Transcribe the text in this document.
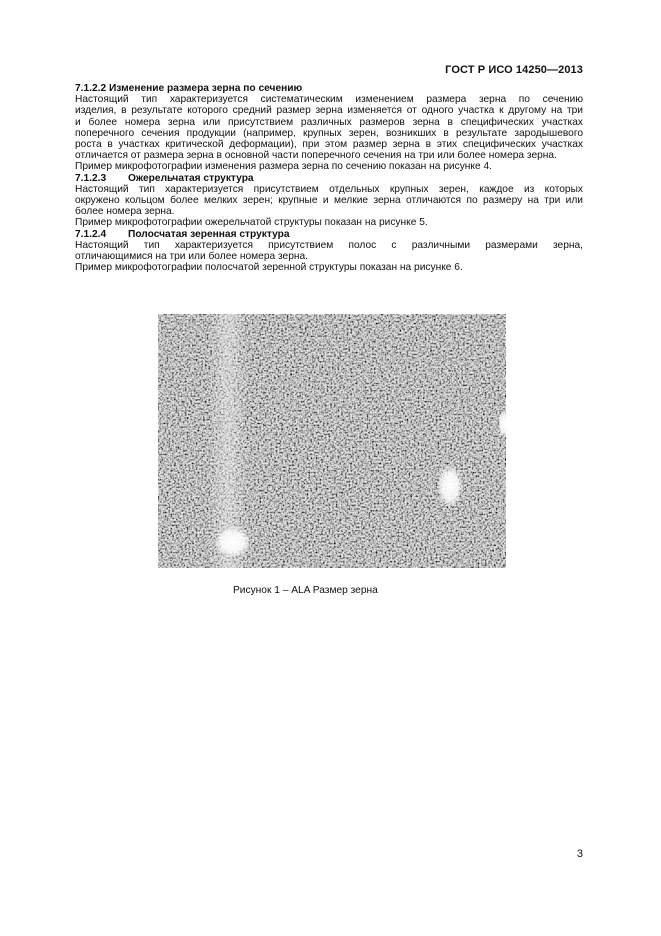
ГОСТ Р ИСО 14250—2013
7.1.2.2 Изменение размера зерна по сечению
Настоящий тип характеризуется систематическим изменением размера зерна по сечению
изделия, в результате которого средний размер зерна изменяется от одного участка к другому на три
и более номера зерна или присутствием различных размеров зерна в специфических участках
поперечного сечения продукции (например, крупных зерен, возникших в результате зародышевого
роста в участках критической деформации), при этом размер зерна в этих специфических участках
отличается от размера зерна в основной части поперечного сечения на три или более номера зерна.
Пример микрофотографии изменения размера зерна по сечению показан на рисунке 4.
7.1.2.3 Ожерельчатая структура
Настоящий тип характеризуется присутствием отдельных крупных зерен, каждое из которых
окружено кольцом более мелких зерен; крупные и мелкие зерна отличаются по размеру на три или
более номера зерна.
Пример микрофотографии ожерельчатой структуры показан на рисунке 5.
7.1.2.4 Полосчатая зеренная структура
Настоящий тип характеризуется присутствием полос с различными размерами зерна,
отличающимися на три или более номера зерна.
Пример микрофотографии полосчатой зеренной структуры показан на рисунке 6.
Рисунок 1 – ALA Размер зерна
3
